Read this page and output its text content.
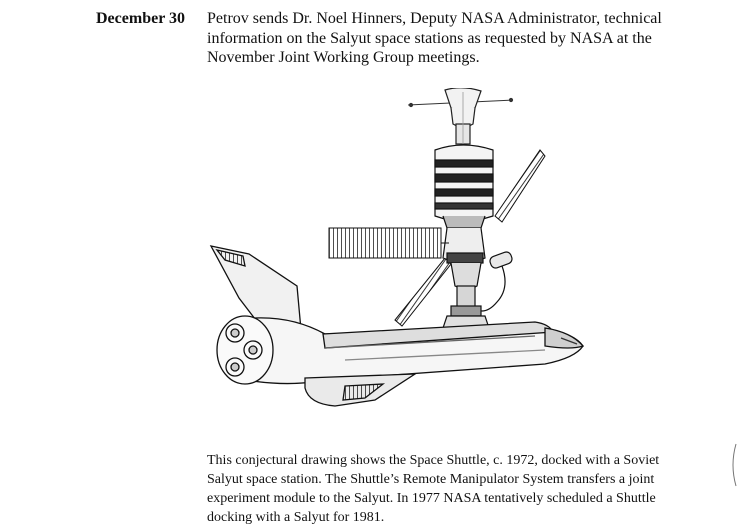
December 30 Petrov sends Dr. Noel Hinners, Deputy NASA Administrator, technical
information on the Salyut space stations as requested by NASA at the
November Joint Working Group meetings.
This conjectural drawing shows the Space Shuttle, c. 1972, docked with a Soviet
Salyut space station. The Shuttle’s Remote Manipulator System transfers a joint
experiment module to the Salyut. In 1977 NASA tentatively scheduled a Shuttle
docking with a Salyut for 1981.
